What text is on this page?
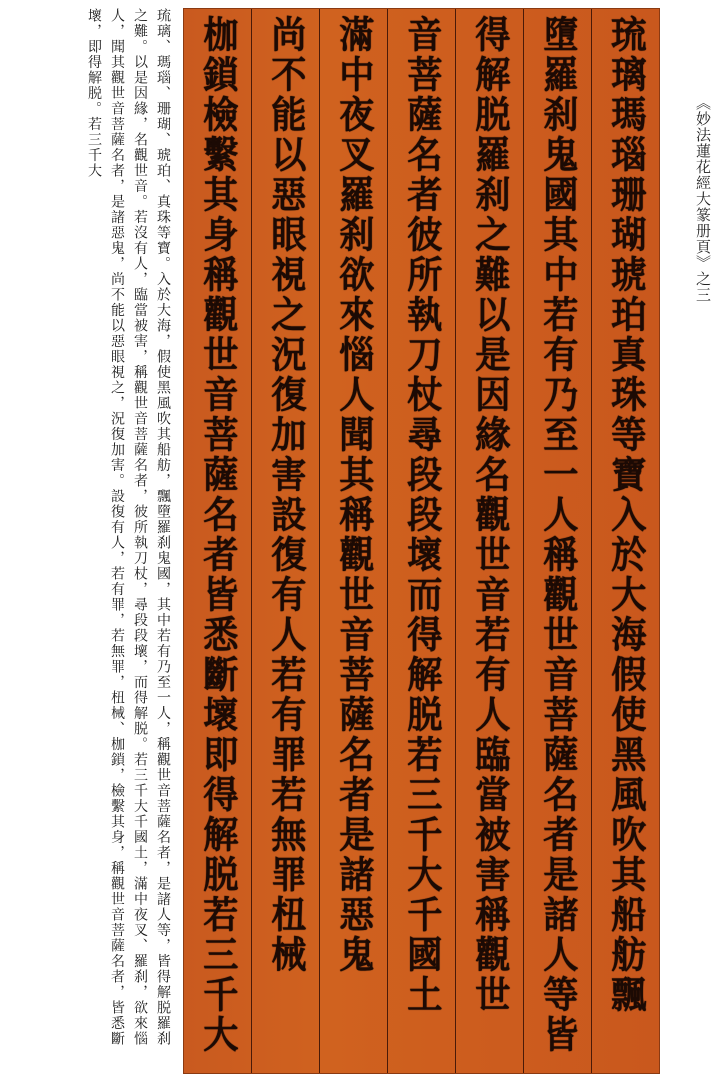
《妙法蓮花經大篆册頁》之三
琉璃、瑪瑙、珊瑚、琥珀、真珠等寶。入於大海，假使黑風吹其船舫，飄墮羅刹鬼國，其中若有乃至一人，稱觀世音菩薩名者，是諸人等，皆得解脱羅刹
之難。以是因緣，名觀世音。若沒有人，臨當被害，稱觀世音菩薩名者，彼所執刀杖，尋段段壞，而得解脱。若三千大千國土，滿中夜叉、羅刹，欲來惱
人，聞其觀世音菩薩名者，是諸惡鬼，尚不能以惡眼視之，況復加害。設復有人，若有罪，若無罪，杻械、枷鎖，檢繫其身，稱觀世音菩薩名者，皆悉斷
壞，即得解脱。若三千大	琉璃瑪瑙珊瑚琥珀真珠等寶入於大海假使黑風吹其船舫飄
墮羅刹鬼國其中若有乃至一人稱觀世音菩薩名者是諸人等皆
得解脱羅刹之難以是因緣名觀世音若有人臨當被害稱觀世
音菩薩名者彼所執刀杖尋段段壞而得解脱若三千大千國土
滿中夜叉羅刹欲來惱人聞其稱觀世音菩薩名者是諸惡鬼
尚不能以惡眼視之況復加害設復有人若有罪若無罪杻械
枷鎖檢繫其身稱觀世音菩薩名者皆悉斷壞即得解脱若三千大
